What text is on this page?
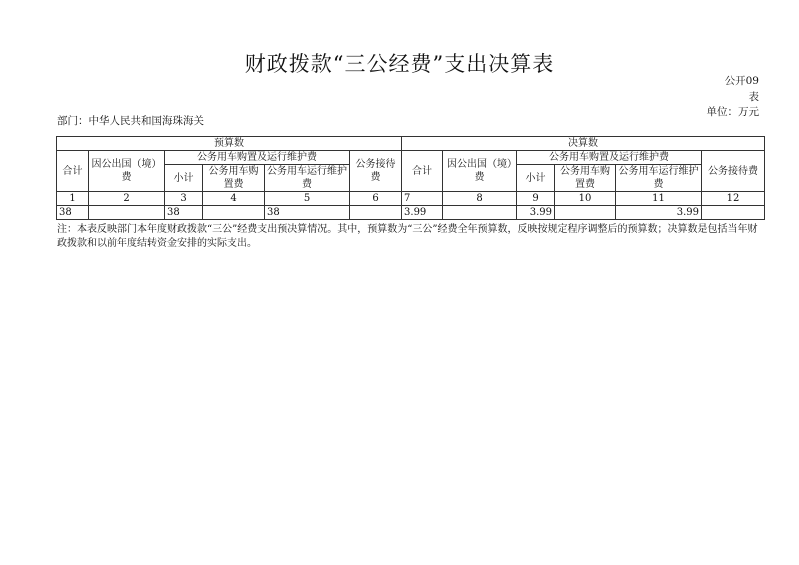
财政拨款“三公经费”支出决算表
公开09表
单位：万元
部门：中华人民共和国海珠海关
预算数						决算数					
合计	因公出国（境）费	公务用车购置及运行维护费			公务接待费	合计	因公出国（境）费	公务用车购置及运行维护费			公务接待费
		小计	公务用车购置费	公务用车运行维护费				小计	公务用车购置费	公务用车运行维护费	
1	2	3	4	5	6	7	8	9	10	11	12
38		38		38		3.99		3.99		3.99	
注：本表反映部门本年度财政拨款“三公”经费支出预决算情况。其中，预算数为“三公”经费全年预算数，反映按规定程序调整后的预算数；决算数是包括当年财政拨款和以前年度结转资金安排的实际支出。
